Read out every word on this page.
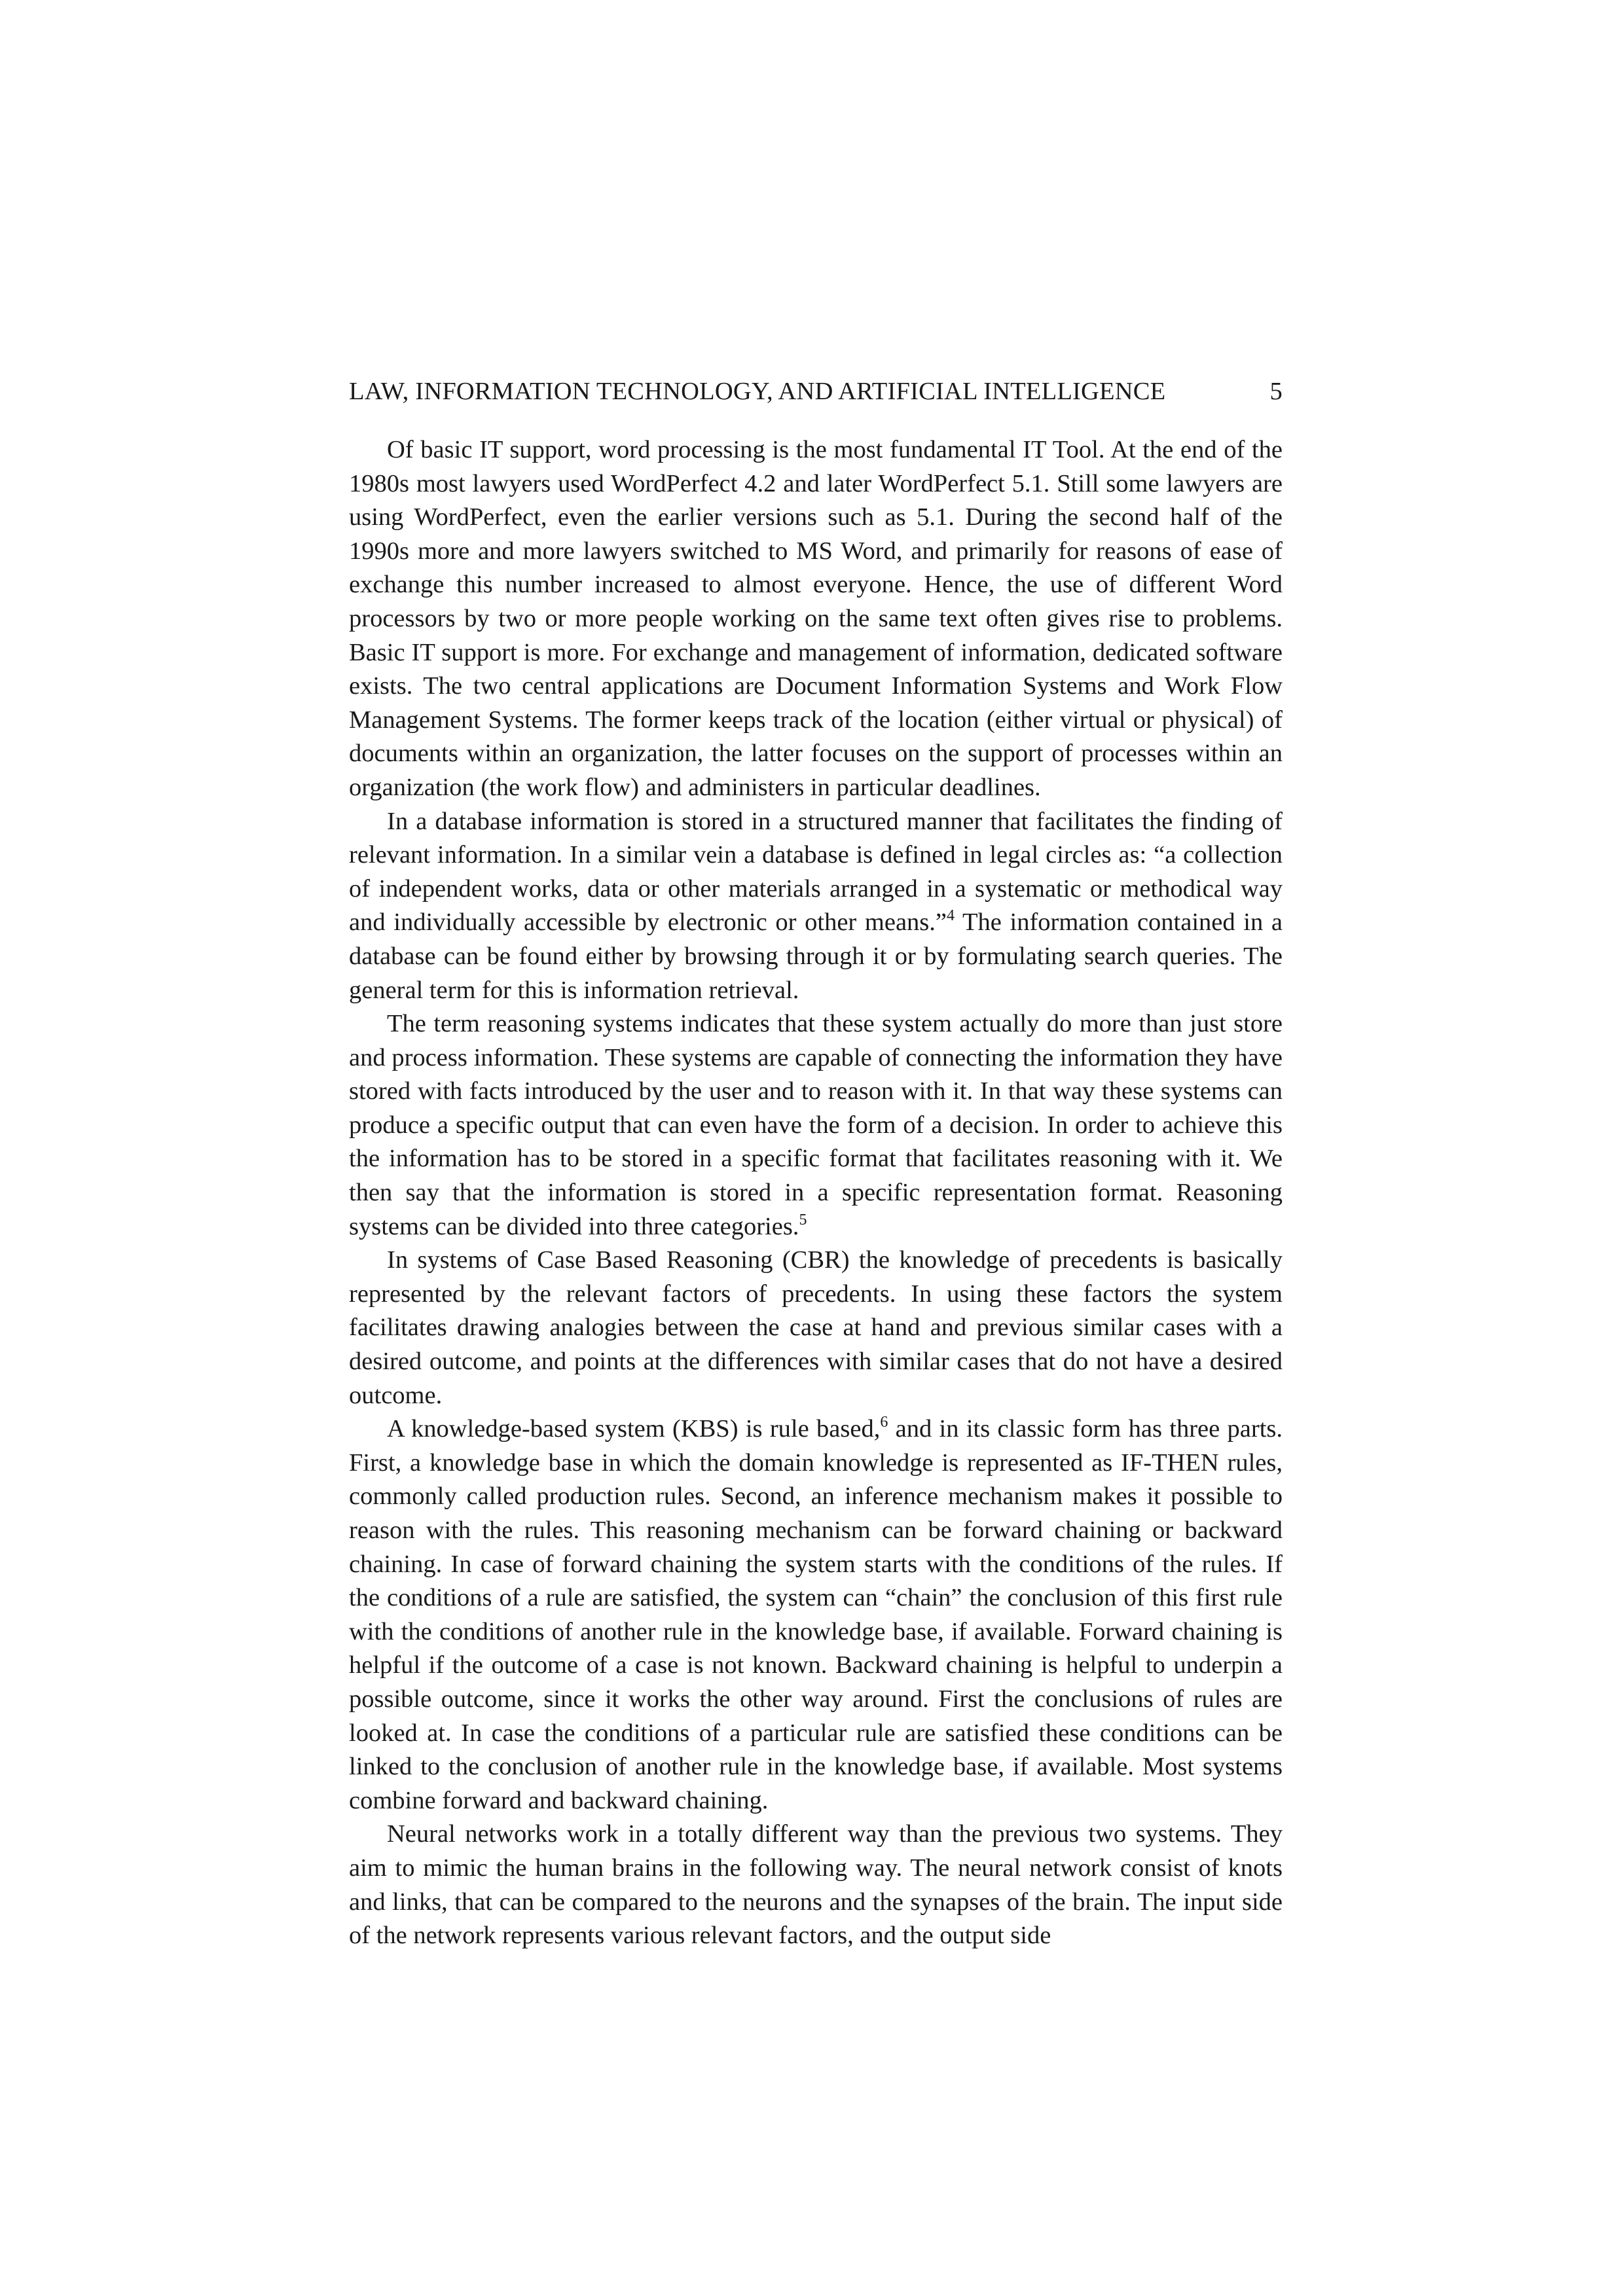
LAW, INFORMATION TECHNOLOGY, AND ARTIFICIAL INTELLIGENCE	5

Of basic IT support, word processing is the most fundamental IT Tool. At the end of the 1980s most lawyers used WordPerfect 4.2 and later WordPerfect 5.1. Still some lawyers are using WordPerfect, even the earlier versions such as 5.1. During the second half of the 1990s more and more lawyers switched to MS Word, and primarily for reasons of ease of exchange this number increased to almost everyone. Hence, the use of different Word processors by two or more people working on the same text often gives rise to problems. Basic IT support is more. For exchange and management of information, dedicated software exists. The two central applications are Document Information Systems and Work Flow Management Systems. The former keeps track of the location (either virtual or physical) of documents within an organization, the latter focuses on the support of processes within an organization (the work flow) and administers in particular deadlines.

In a database information is stored in a structured manner that facilitates the finding of relevant information. In a similar vein a database is defined in legal circles as: “a collection of independent works, data or other materials arranged in a systematic or methodical way and individually accessible by electronic or other means.”$^4$ The information contained in a database can be found either by browsing through it or by formulating search queries. The general term for this is information retrieval.

The term reasoning systems indicates that these system actually do more than just store and process information. These systems are capable of connecting the information they have stored with facts introduced by the user and to reason with it. In that way these systems can produce a specific output that can even have the form of a decision. In order to achieve this the information has to be stored in a specific format that facilitates reasoning with it. We then say that the information is stored in a specific representation format. Reasoning systems can be divided into three categories.$^5$

In systems of Case Based Reasoning (CBR) the knowledge of precedents is basically represented by the relevant factors of precedents. In using these factors the system facilitates drawing analogies between the case at hand and previous similar cases with a desired outcome, and points at the differences with similar cases that do not have a desired outcome.

A knowledge-based system (KBS) is rule based,$^6$ and in its classic form has three parts. First, a knowledge base in which the domain knowledge is represented as IF-THEN rules, commonly called production rules. Second, an inference mechanism makes it possible to reason with the rules. This reasoning mechanism can be forward chaining or backward chaining. In case of forward chaining the system starts with the conditions of the rules. If the conditions of a rule are satisfied, the system can “chain” the conclusion of this first rule with the conditions of another rule in the knowledge base, if available. Forward chaining is helpful if the outcome of a case is not known. Backward chaining is helpful to underpin a possible outcome, since it works the other way around. First the conclusions of rules are looked at. In case the conditions of a particular rule are satisfied these conditions can be linked to the conclusion of another rule in the knowledge base, if available. Most systems combine forward and backward chaining.

Neural networks work in a totally different way than the previous two systems. They aim to mimic the human brains in the following way. The neural network consist of knots and links, that can be compared to the neurons and the synapses of the brain. The input side of the network represents various relevant factors, and the output side
